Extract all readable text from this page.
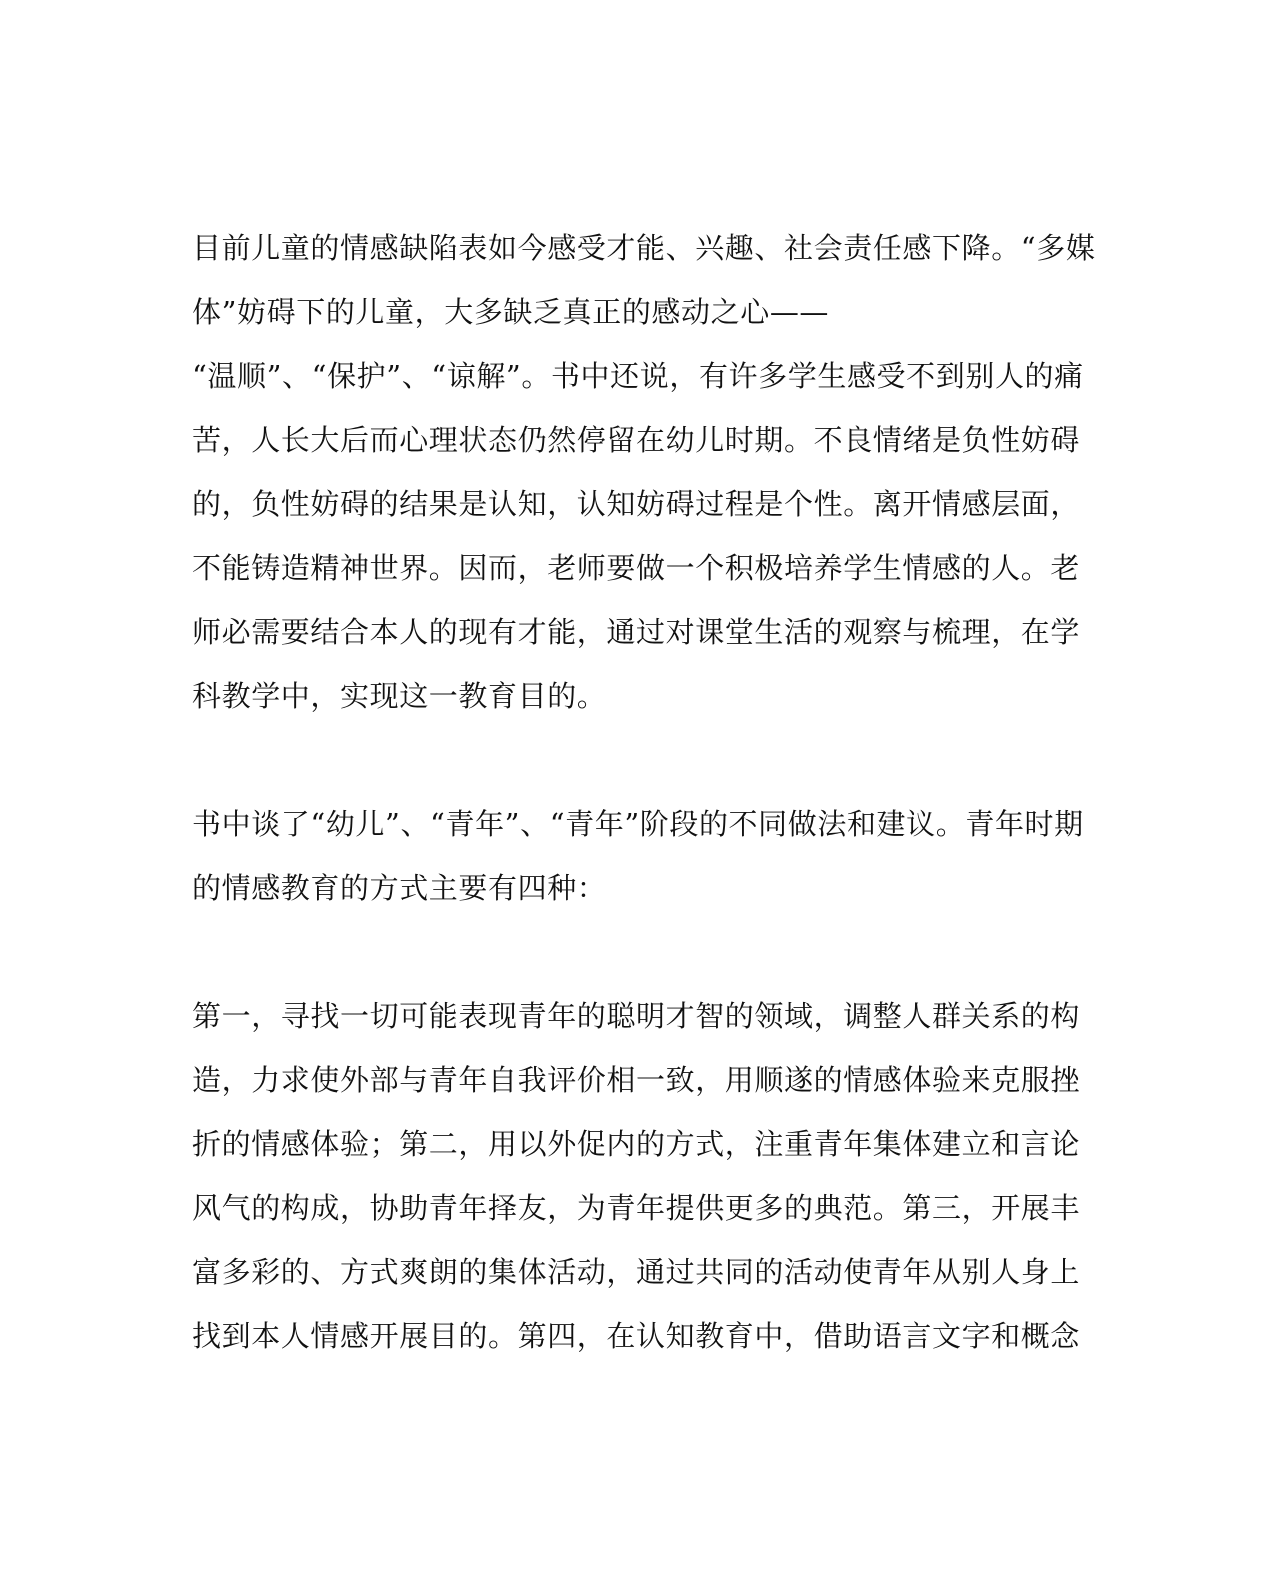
目前儿童的情感缺陷表如今感受才能、兴趣、社会责任感下降。“多媒
体”妨碍下的儿童，大多缺乏真正的感动之心——
“温顺”、“保护”、“谅解”。书中还说，有许多学生感受不到别人的痛
苦，人长大后而心理状态仍然停留在幼儿时期。不良情绪是负性妨碍
的，负性妨碍的结果是认知，认知妨碍过程是个性。离开情感层面，
不能铸造精神世界。因而，老师要做一个积极培养学生情感的人。老
师必需要结合本人的现有才能，通过对课堂生活的观察与梳理，在学
科教学中，实现这一教育目的。
书中谈了“幼儿”、“青年”、“青年”阶段的不同做法和建议。青年时期
的情感教育的方式主要有四种：
第一，寻找一切可能表现青年的聪明才智的领域，调整人群关系的构
造，力求使外部与青年自我评价相一致，用顺遂的情感体验来克服挫
折的情感体验；第二，用以外促内的方式，注重青年集体建立和言论
风气的构成，协助青年择友，为青年提供更多的典范。第三，开展丰
富多彩的、方式爽朗的集体活动，通过共同的活动使青年从别人身上
找到本人情感开展目的。第四，在认知教育中，借助语言文字和概念
